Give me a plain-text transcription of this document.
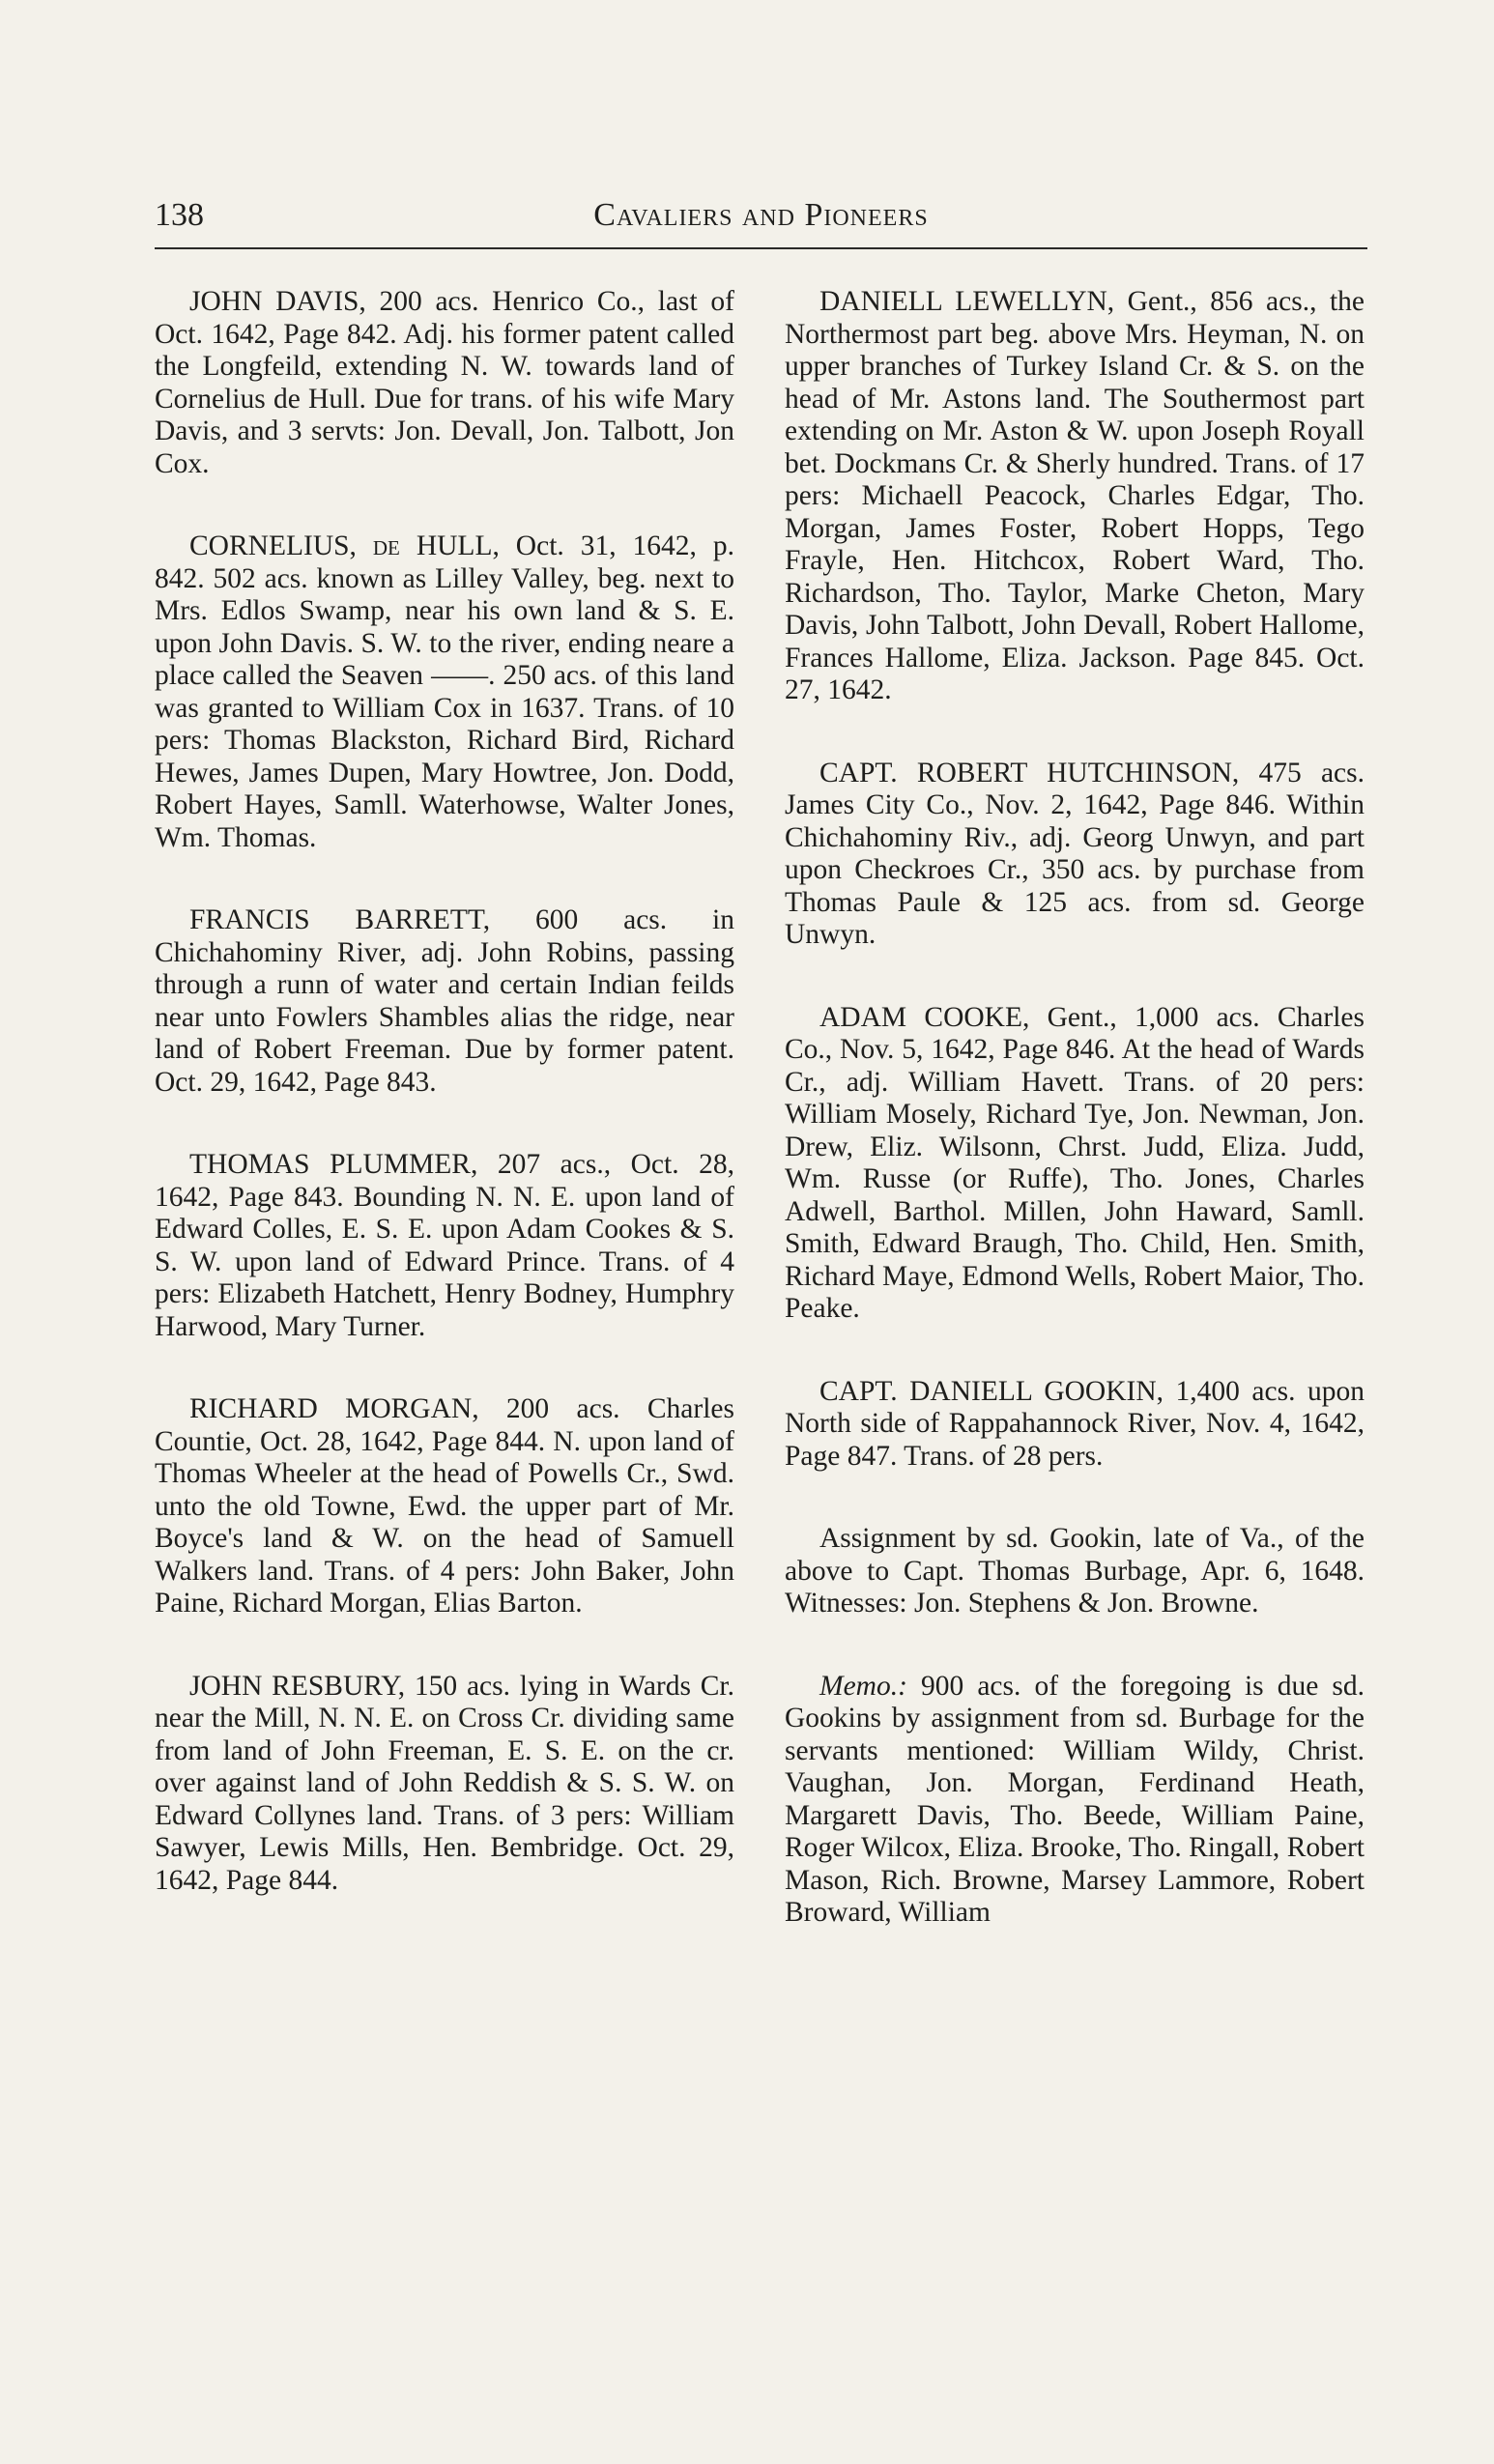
138	Cavaliers and Pioneers

JOHN DAVIS, 200 acs. Henrico Co., last of Oct. 1642, Page 842. Adj. his former patent called the Longfeild, extending N. W. towards land of Cornelius de Hull. Due for trans. of his wife Mary Davis, and 3 servts: Jon. Devall, Jon. Talbott, Jon Cox.

CORNELIUS, de HULL, Oct. 31, 1642, p. 842. 502 acs. known as Lilley Valley, beg. next to Mrs. Edlos Swamp, near his own land & S. E. upon John Davis. S. W. to the river, ending neare a place called the Seaven ——. 250 acs. of this land was granted to William Cox in 1637. Trans. of 10 pers: Thomas Blackston, Richard Bird, Richard Hewes, James Dupen, Mary Howtree, Jon. Dodd, Robert Hayes, Samll. Waterhowse, Walter Jones, Wm. Thomas.

FRANCIS BARRETT, 600 acs. in Chichahominy River, adj. John Robins, passing through a runn of water and certain Indian feilds near unto Fowlers Shambles alias the ridge, near land of Robert Freeman. Due by former patent. Oct. 29, 1642, Page 843.

THOMAS PLUMMER, 207 acs., Oct. 28, 1642, Page 843. Bounding N. N. E. upon land of Edward Colles, E. S. E. upon Adam Cookes & S. S. W. upon land of Edward Prince. Trans. of 4 pers: Elizabeth Hatchett, Henry Bodney, Humphry Harwood, Mary Turner.

RICHARD MORGAN, 200 acs. Charles Countie, Oct. 28, 1642, Page 844. N. upon land of Thomas Wheeler at the head of Powells Cr., Swd. unto the old Towne, Ewd. the upper part of Mr. Boyce's land & W. on the head of Samuell Walkers land. Trans. of 4 pers: John Baker, John Paine, Richard Morgan, Elias Barton.

JOHN RESBURY, 150 acs. lying in Wards Cr. near the Mill, N. N. E. on Cross Cr. dividing same from land of John Freeman, E. S. E. on the cr. over against land of John Reddish & S. S. W. on Edward Collynes land. Trans. of 3 pers: William Sawyer, Lewis Mills, Hen. Bembridge. Oct. 29, 1642, Page 844.

DANIELL LEWELLYN, Gent., 856 acs., the Northermost part beg. above Mrs. Heyman, N. on upper branches of Turkey Island Cr. & S. on the head of Mr. Astons land. The Southermost part extending on Mr. Aston & W. upon Joseph Royall bet. Dockmans Cr. & Sherly hundred. Trans. of 17 pers: Michaell Peacock, Charles Edgar, Tho. Morgan, James Foster, Robert Hopps, Tego Frayle, Hen. Hitchcox, Robert Ward, Tho. Richardson, Tho. Taylor, Marke Cheton, Mary Davis, John Talbott, John Devall, Robert Hallome, Frances Hallome, Eliza. Jackson. Page 845. Oct. 27, 1642.

CAPT. ROBERT HUTCHINSON, 475 acs. James City Co., Nov. 2, 1642, Page 846. Within Chichahominy Riv., adj. Georg Unwyn, and part upon Checkroes Cr., 350 acs. by purchase from Thomas Paule & 125 acs. from sd. George Unwyn.

ADAM COOKE, Gent., 1,000 acs. Charles Co., Nov. 5, 1642, Page 846. At the head of Wards Cr., adj. William Havett. Trans. of 20 pers: William Mosely, Richard Tye, Jon. Newman, Jon. Drew, Eliz. Wilsonn, Chrst. Judd, Eliza. Judd, Wm. Russe (or Ruffe), Tho. Jones, Charles Adwell, Barthol. Millen, John Haward, Samll. Smith, Edward Braugh, Tho. Child, Hen. Smith, Richard Maye, Edmond Wells, Robert Maior, Tho. Peake.

CAPT. DANIELL GOOKIN, 1,400 acs. upon North side of Rappahannock River, Nov. 4, 1642, Page 847. Trans. of 28 pers.

Assignment by sd. Gookin, late of Va., of the above to Capt. Thomas Burbage, Apr. 6, 1648. Witnesses: Jon. Stephens & Jon. Browne.

Memo.: 900 acs. of the foregoing is due sd. Gookins by assignment from sd. Burbage for the servants mentioned: William Wildy, Christ. Vaughan, Jon. Morgan, Ferdinand Heath, Margarett Davis, Tho. Beede, William Paine, Roger Wilcox, Eliza. Brooke, Tho. Ringall, Robert Mason, Rich. Browne, Marsey Lammore, Robert Broward, William
